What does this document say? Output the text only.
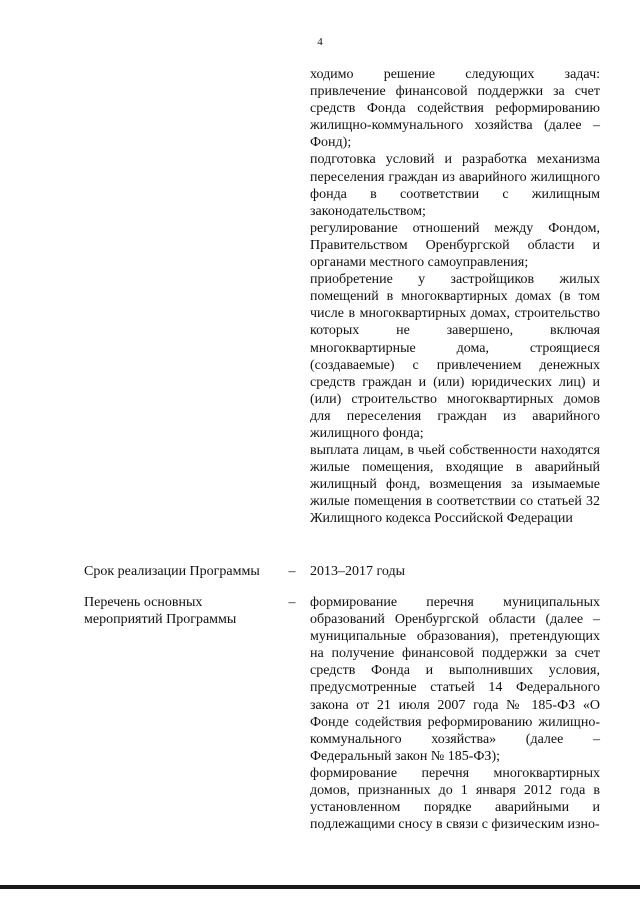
4

ходимо решение следующих задач:

привлечение финансовой поддержки за счет средств Фонда содействия реформированию жилищно-коммунального хозяйства (далее – Фонд);

подготовка условий и разработка механизма переселения граждан из аварийного жилищного фонда в соответствии с жилищным законодательством;

регулирование отношений между Фондом, Правительством Оренбургской области и органами местного самоуправления;

приобретение у застройщиков жилых помещений в многоквартирных домах (в том числе в многоквартирных домах, строительство которых не завершено, включая многоквартирные дома, строящиеся (создаваемые) с привлечением денежных средств граждан и (или) юридических лиц) и (или) строительство многоквартирных домов для переселения граждан из аварийного жилищного фонда;

выплата лицам, в чьей собственности находятся жилые помещения, входящие в аварийный жилищный фонд, возмещения за изымаемые жилые помещения в соответствии со статьей 32 Жилищного кодекса Российской Федерации

Срок реализации Программы	– 2013–2017 годы

Перечень основных мероприятий Программы

– формирование перечня муниципальных образований Оренбургской области (далее – муниципальные образования), претендующих на получение финансовой поддержки за счет средств Фонда и выполнивших условия, предусмотренные статьей 14 Федерального закона от 21 июля 2007 года № 185-ФЗ «О Фонде содействия реформированию жилищно-коммунального хозяйства» (далее – Федеральный закон № 185-ФЗ);

формирование перечня многоквартирных домов, признанных до 1 января 2012 года в установленном порядке аварийными и подлежащими сносу в связи с физическим изно-
